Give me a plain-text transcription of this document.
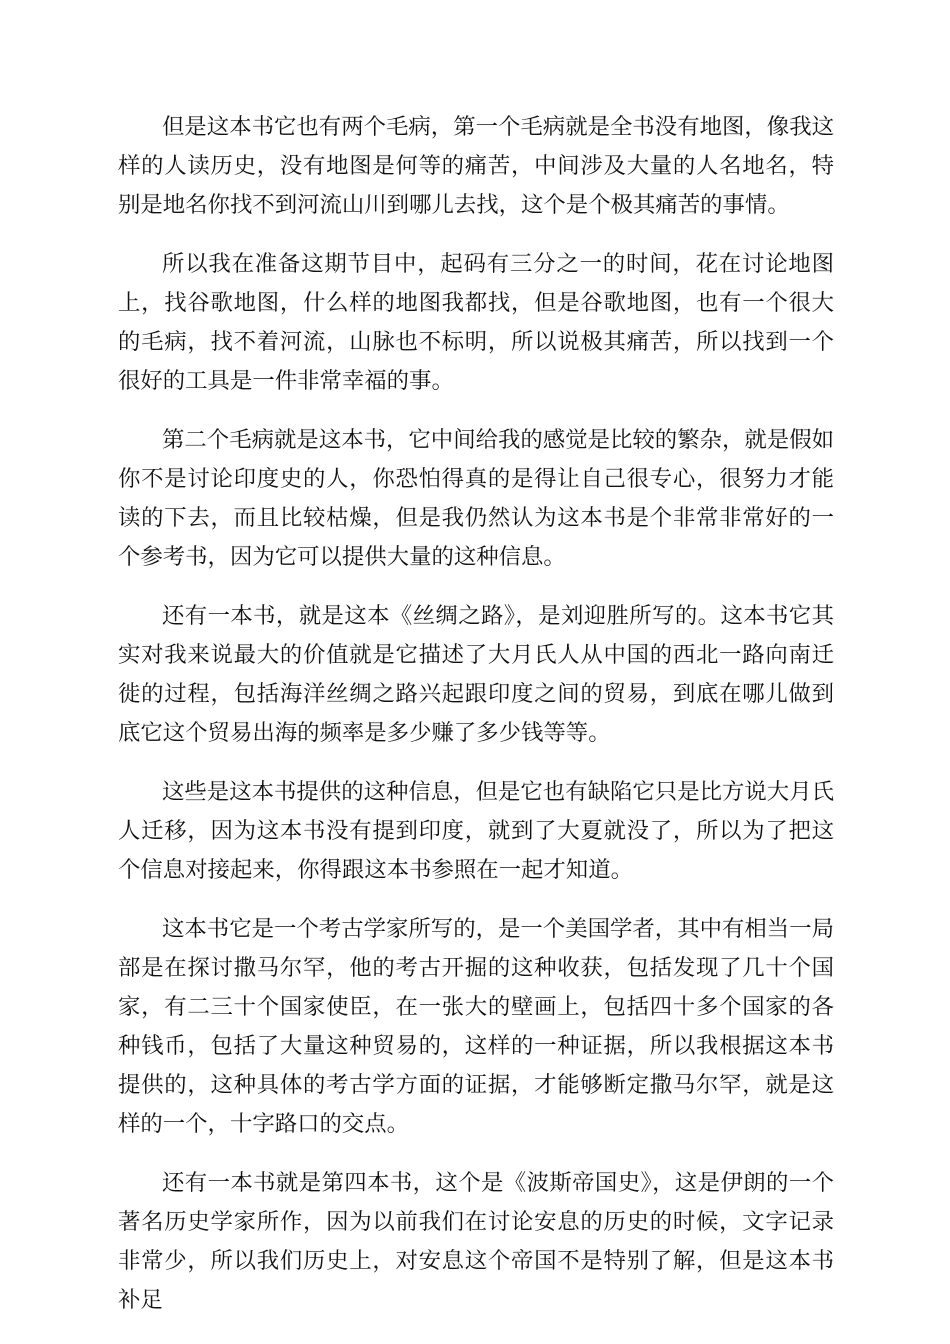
但是这本书它也有两个毛病，第一个毛病就是全书没有地图，像我这样的人读历史，没有地图是何等的痛苦，中间涉及大量的人名地名，特别是地名你找不到河流山川到哪儿去找，这个是个极其痛苦的事情。

所以我在准备这期节目中，起码有三分之一的时间，花在讨论地图上，找谷歌地图，什么样的地图我都找，但是谷歌地图，也有一个很大的毛病，找不着河流，山脉也不标明，所以说极其痛苦，所以找到一个很好的工具是一件非常幸福的事。

第二个毛病就是这本书，它中间给我的感觉是比较的繁杂，就是假如你不是讨论印度史的人，你恐怕得真的是得让自己很专心，很努力才能读的下去，而且比较枯燥，但是我仍然认为这本书是个非常非常好的一个参考书，因为它可以提供大量的这种信息。

还有一本书，就是这本《丝绸之路》，是刘迎胜所写的。这本书它其实对我来说最大的价值就是它描述了大月氏人从中国的西北一路向南迁徙的过程，包括海洋丝绸之路兴起跟印度之间的贸易，到底在哪儿做到底它这个贸易出海的频率是多少赚了多少钱等等。

这些是这本书提供的这种信息，但是它也有缺陷它只是比方说大月氏人迁移，因为这本书没有提到印度，就到了大夏就没了，所以为了把这个信息对接起来，你得跟这本书参照在一起才知道。

这本书它是一个考古学家所写的，是一个美国学者，其中有相当一局部是在探讨撒马尔罕，他的考古开掘的这种收获，包括发现了几十个国家，有二三十个国家使臣，在一张大的壁画上，包括四十多个国家的各种钱币，包括了大量这种贸易的，这样的一种证据，所以我根据这本书提供的，这种具体的考古学方面的证据，才能够断定撒马尔罕，就是这样的一个，十字路口的交点。

还有一本书就是第四本书，这个是《波斯帝国史》，这是伊朗的一个著名历史学家所作，因为以前我们在讨论安息的历史的时候，文字记录非常少，所以我们历史上，对安息这个帝国不是特别了解，但是这本书补足
